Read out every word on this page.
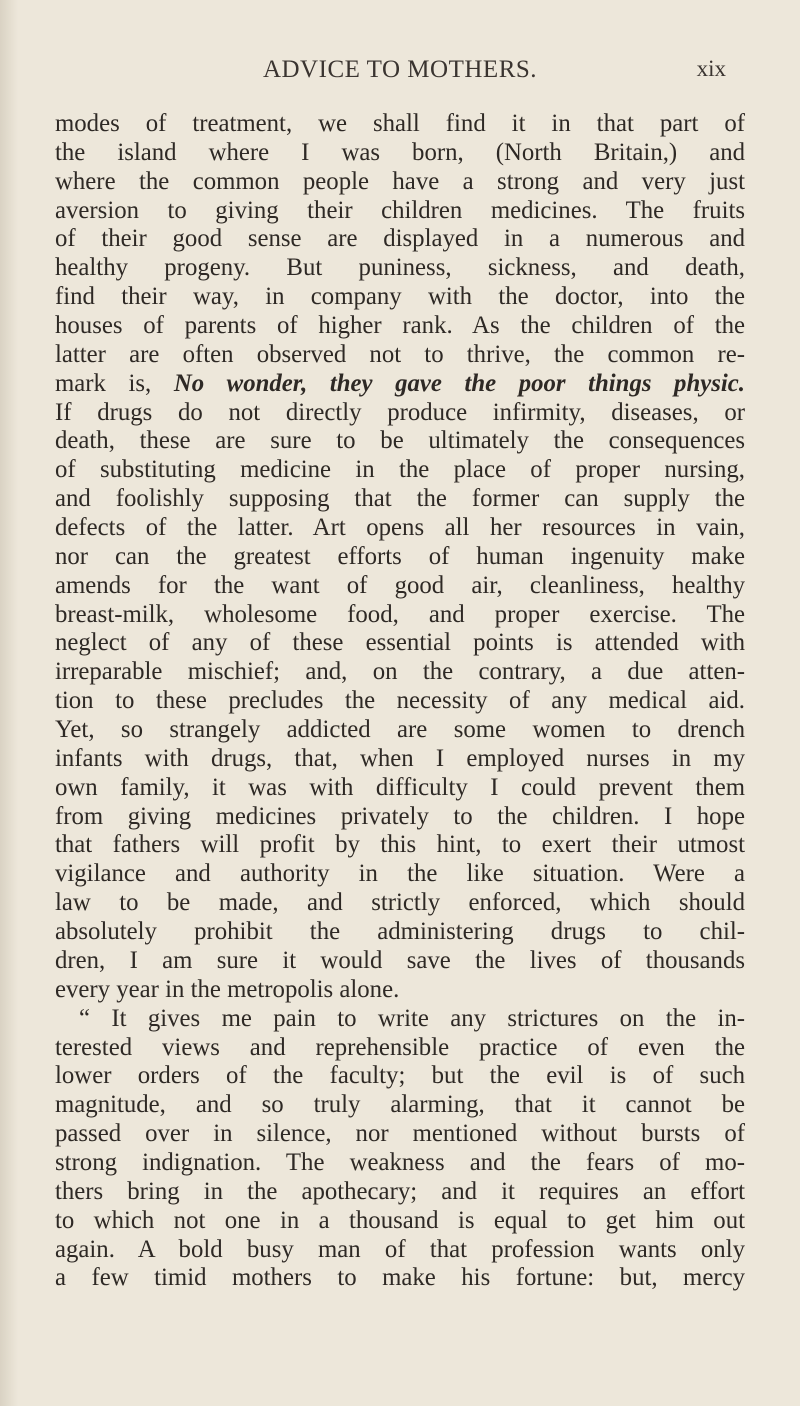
ADVICE TO MOTHERS.	xix
modes of treatment, we shall find it in that part of
the island where I was born, (North Britain,) and
where the common people have a strong and very just
aversion to giving their children medicines. The fruits
of their good sense are displayed in a numerous and
healthy progeny. But puniness, sickness, and death,
find their way, in company with the doctor, into the
houses of parents of higher rank. As the children of the
latter are often observed not to thrive, the common re-
mark is, No wonder, they gave the poor things physic.
If drugs do not directly produce infirmity, diseases, or
death, these are sure to be ultimately the consequences
of substituting medicine in the place of proper nursing,
and foolishly supposing that the former can supply the
defects of the latter. Art opens all her resources in vain,
nor can the greatest efforts of human ingenuity make
amends for the want of good air, cleanliness, healthy
breast-milk, wholesome food, and proper exercise. The
neglect of any of these essential points is attended with
irreparable mischief; and, on the contrary, a due atten-
tion to these precludes the necessity of any medical aid.
Yet, so strangely addicted are some women to drench
infants with drugs, that, when I employed nurses in my
own family, it was with difficulty I could prevent them
from giving medicines privately to the children. I hope
that fathers will profit by this hint, to exert their utmost
vigilance and authority in the like situation. Were a
law to be made, and strictly enforced, which should
absolutely prohibit the administering drugs to chil-
dren, I am sure it would save the lives of thousands
every year in the metropolis alone.
“ It gives me pain to write any strictures on the in-
terested views and reprehensible practice of even the
lower orders of the faculty; but the evil is of such
magnitude, and so truly alarming, that it cannot be
passed over in silence, nor mentioned without bursts of
strong indignation. The weakness and the fears of mo-
thers bring in the apothecary; and it requires an effort
to which not one in a thousand is equal to get him out
again. A bold busy man of that profession wants only
a few timid mothers to make his fortune: but, mercy
